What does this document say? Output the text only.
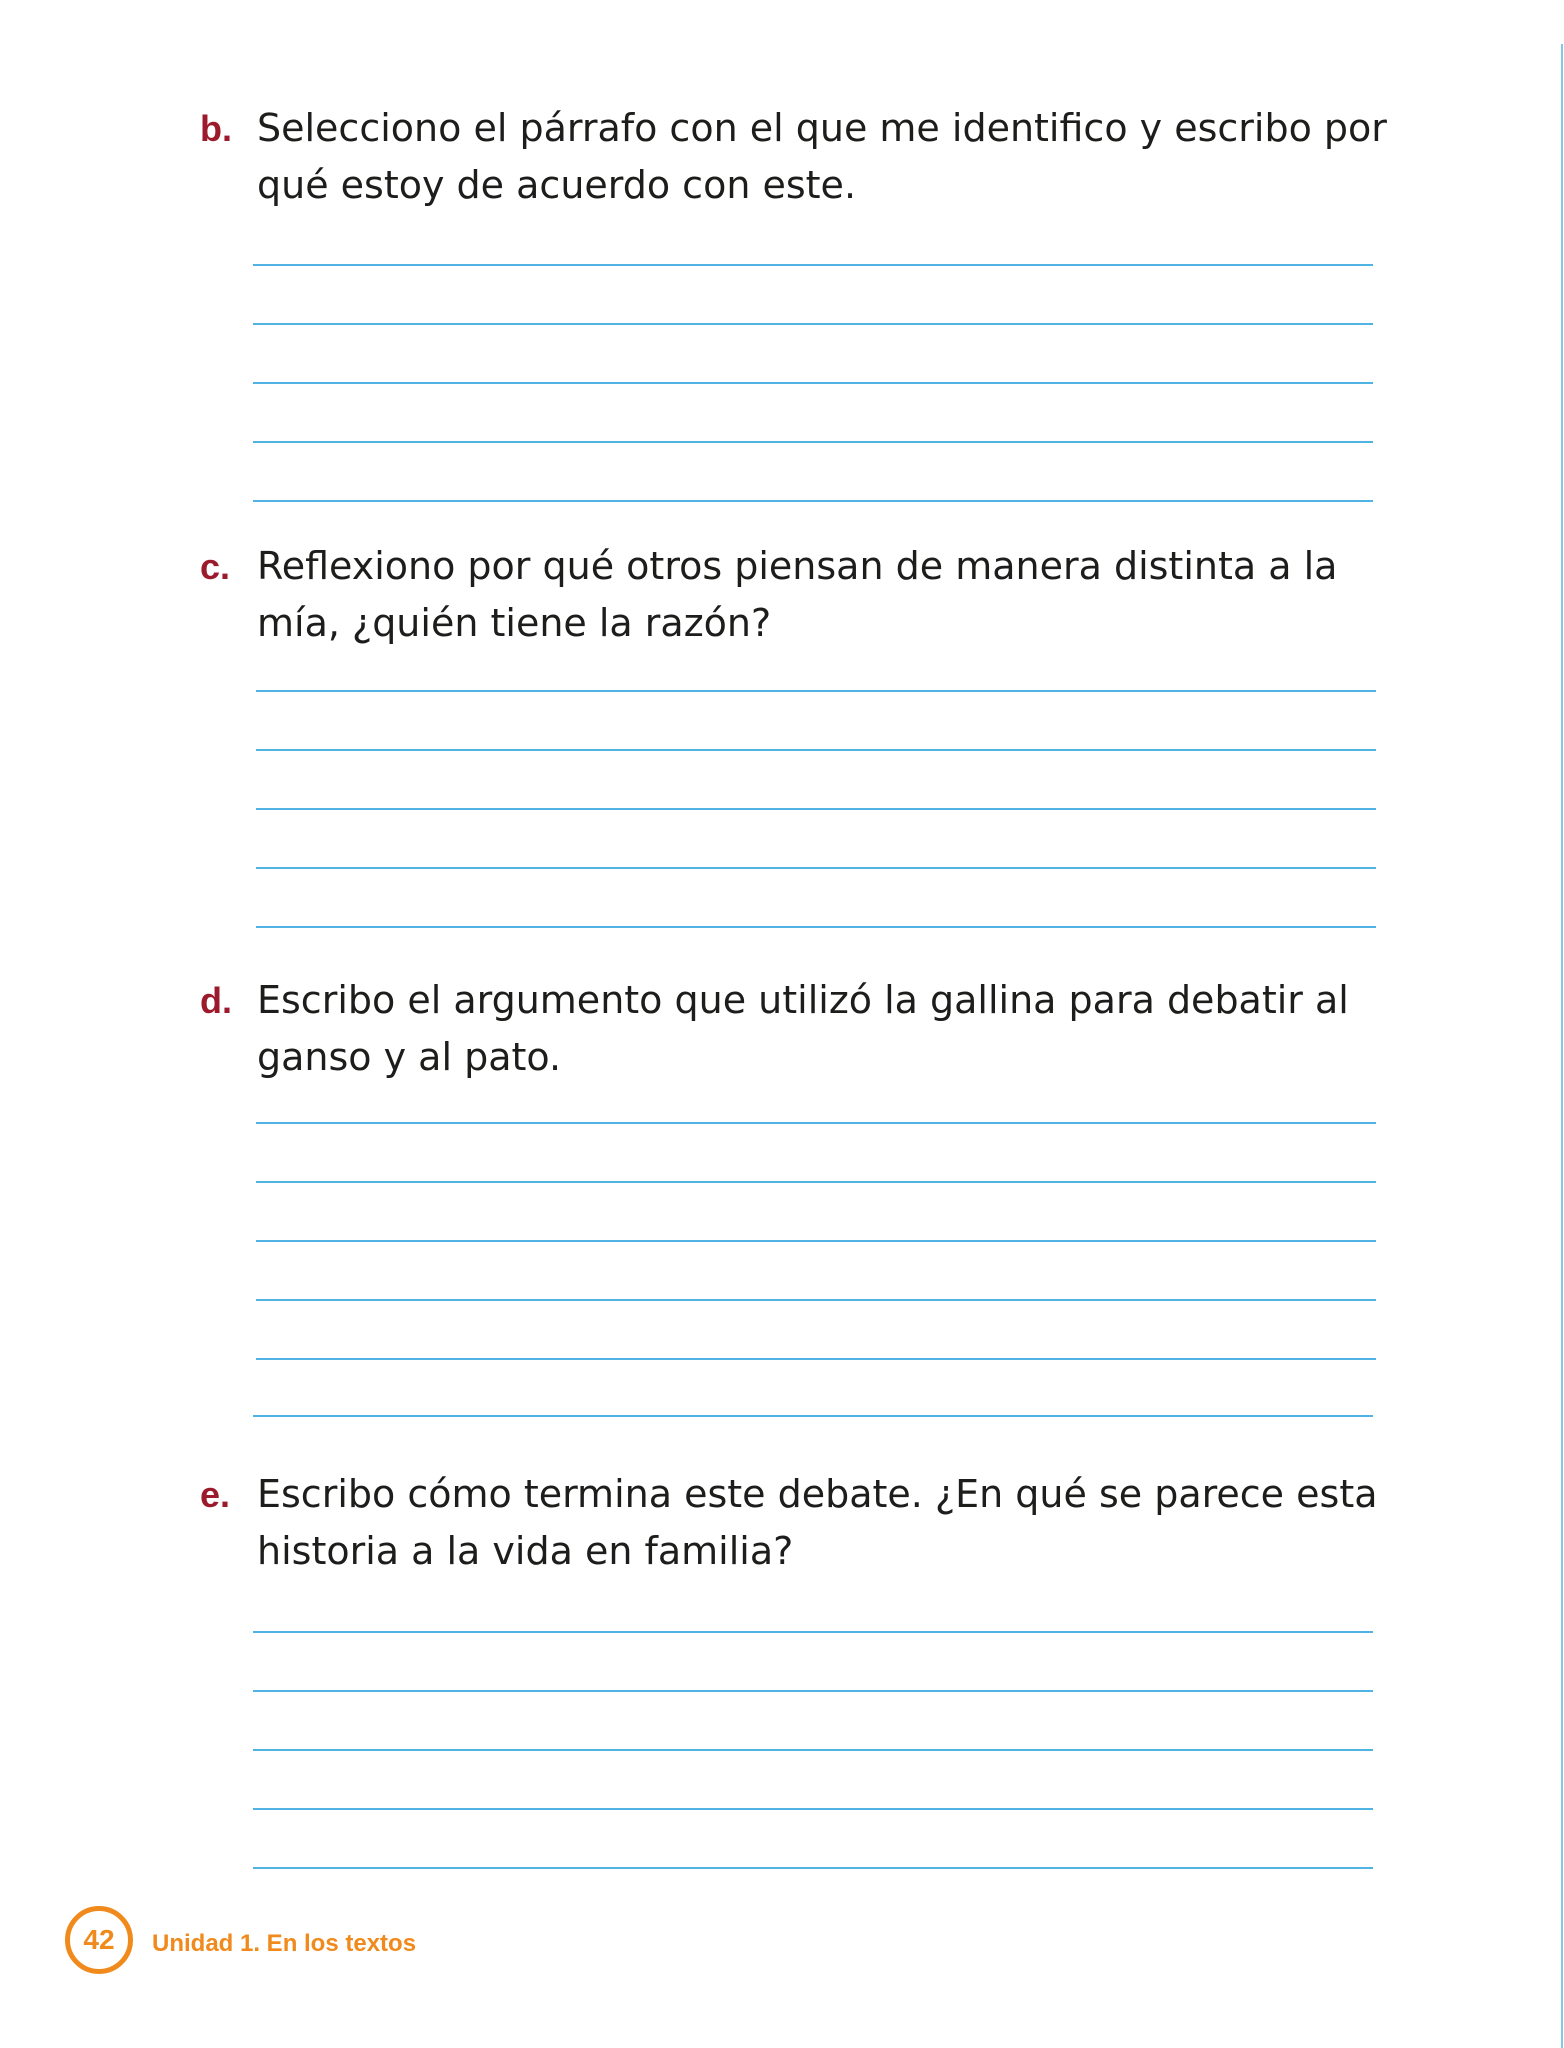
b. Selecciono el párrafo con el que me identifico y escribo por qué estoy de acuerdo con este.

c. Reflexiono por qué otros piensan de manera distinta a la mía, ¿quién tiene la razón?

d. Escribo el argumento que utilizó la gallina para debatir al ganso y al pato.

e. Escribo cómo termina este debate. ¿En qué se parece esta historia a la vida en familia?

42 Unidad 1. En los textos
